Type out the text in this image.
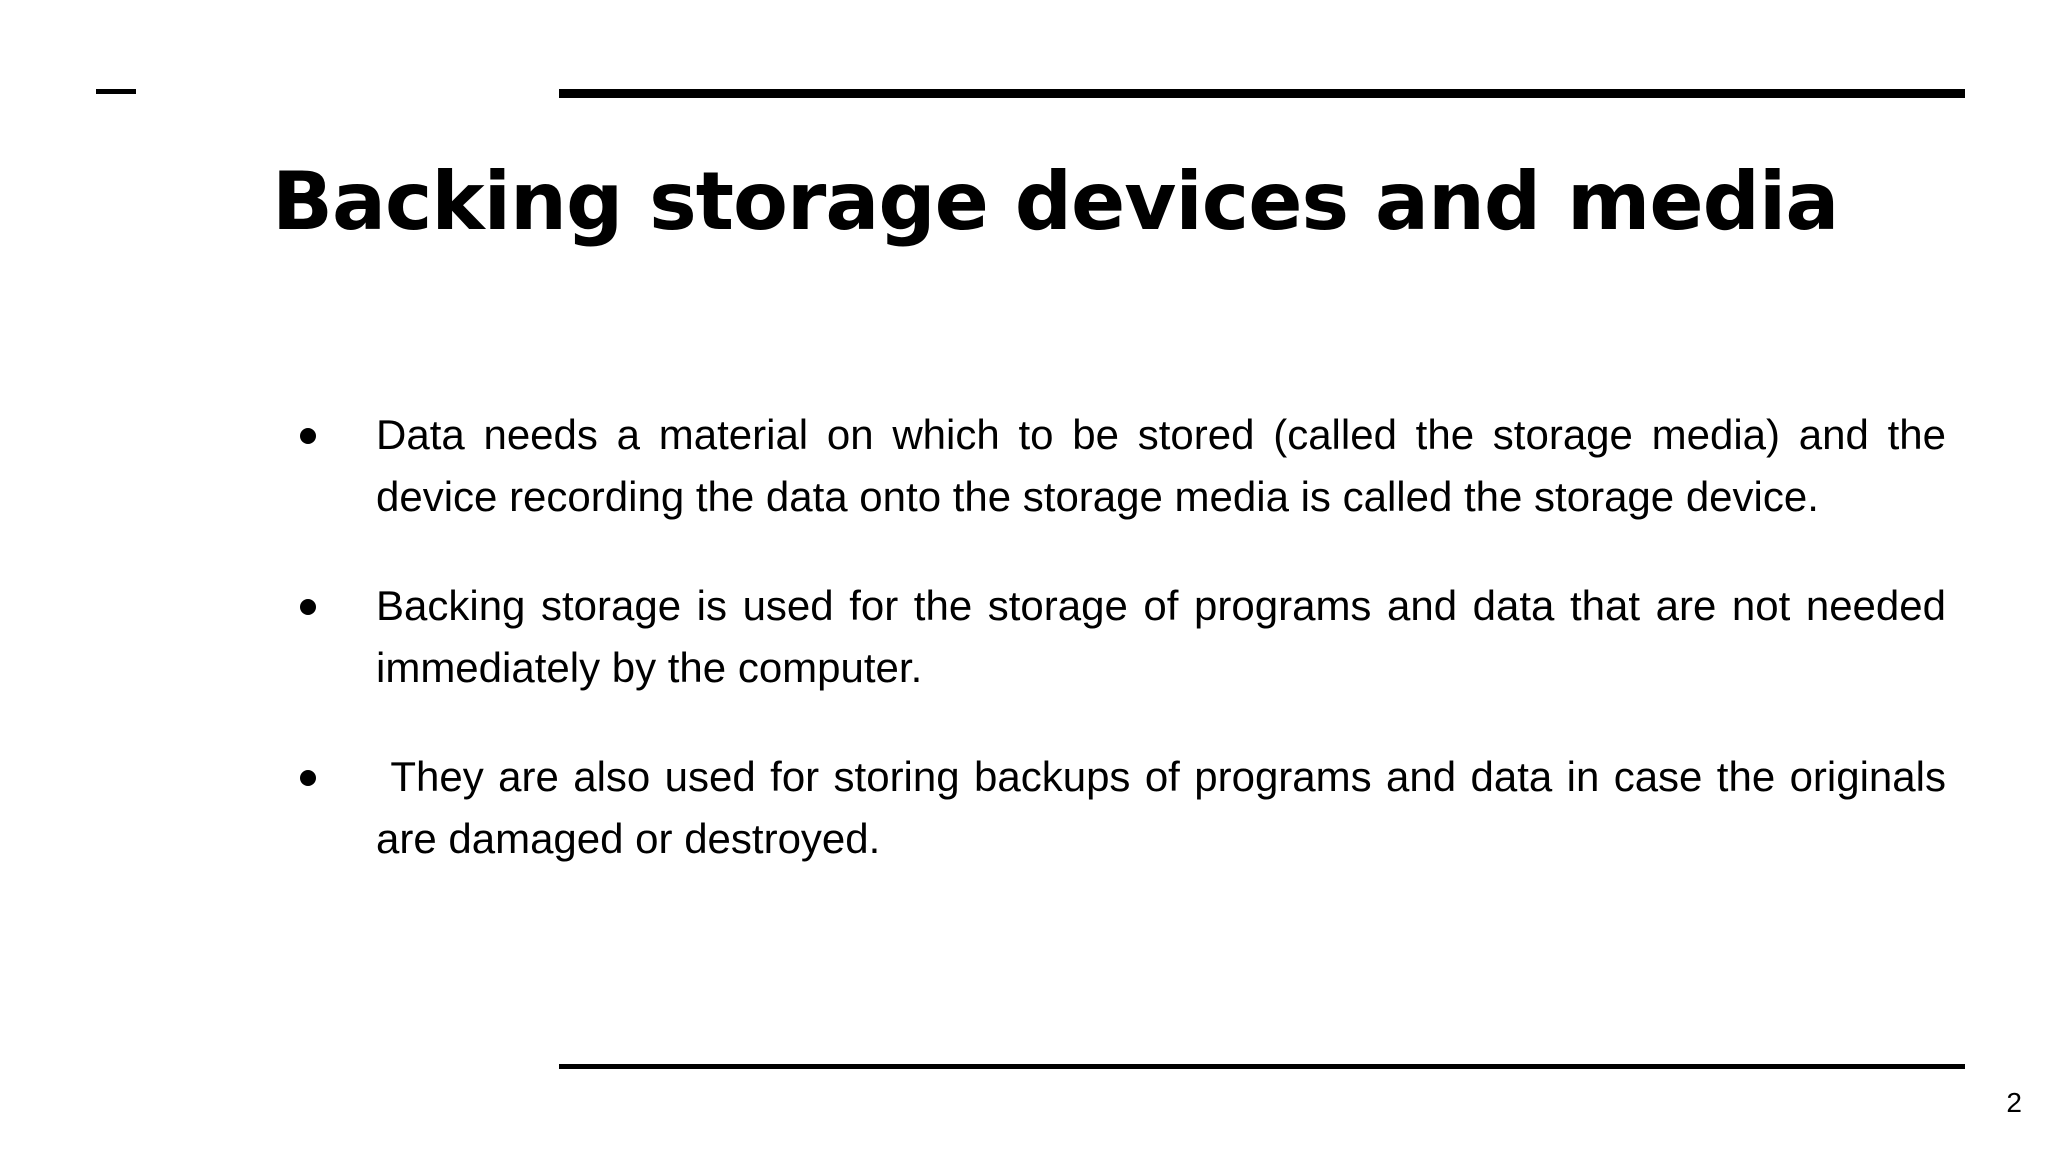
Backing storage devices and media
Data needs a material on which to be stored (called the storage media) and the device recording the data onto the storage media is called the storage device.
Backing storage is used for the storage of programs and data that are not needed immediately by the computer.
They are also used for storing backups of programs and data in case the originals are damaged or destroyed.
2
